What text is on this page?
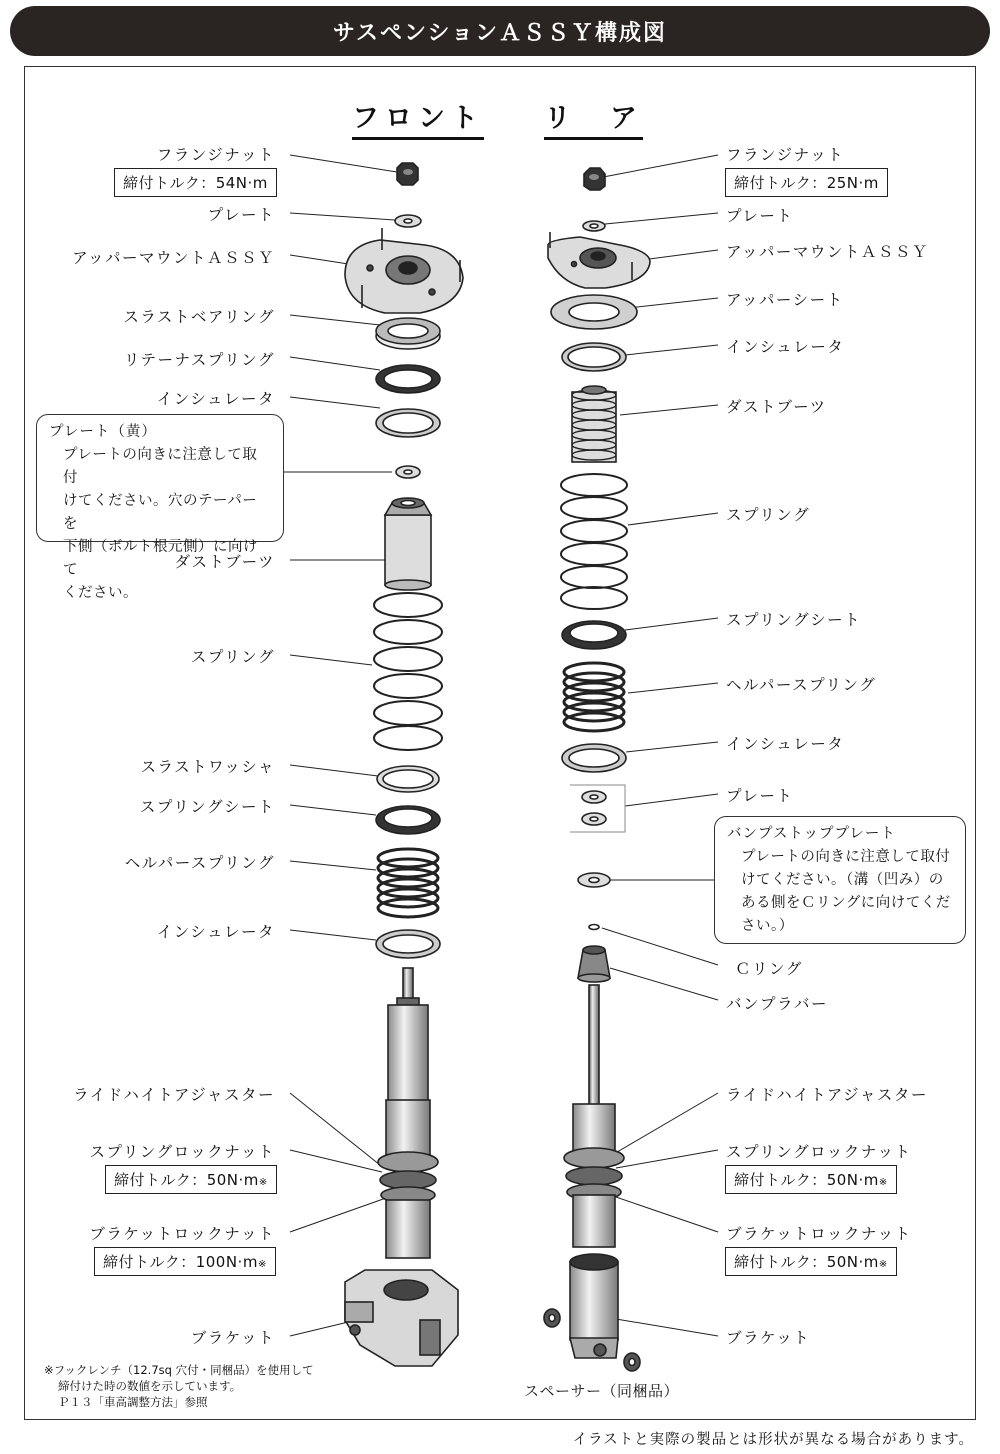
サスペンションＡＳＳＹ構成図
フロント リ　ア
フランジナット
締付トルク：54N·m
プレート
アッパーマウントＡＳＳＹ
スラストベアリング
リテーナスプリング
インシュレータ
プレート（黄）
プレートの向きに注意して取付
けてください。穴のテーパーを
下側（ボルト根元側）に向けて
ください。
ダストブーツ
スプリング
スラストワッシャ
スプリングシート
ヘルパースプリング
インシュレータ
ライドハイトアジャスター
スプリングロックナット
締付トルク：50N·m※
ブラケットロックナット
締付トルク：100N·m※
ブラケット
※フックレンチ（12.7sq 穴付・同梱品）を使用して
締付けた時の数値を示しています。
Ｐ１３「車高調整方法」参照
フランジナット
締付トルク：25N·m
プレート
アッパーマウントＡＳＳＹ
アッパーシート
インシュレータ
ダストブーツ
スプリング
スプリングシート
ヘルパースプリング
インシュレータ
プレート
バンプストッププレート
プレートの向きに注意して取付
けてください。（溝（凹み）の
ある側をＣリングに向けてくだ
さい。）
Ｃリング
バンプラバー
ライドハイトアジャスター
スプリングロックナット
締付トルク：50N·m※
ブラケットロックナット
締付トルク：50N·m※
ブラケット
スペーサー（同梱品）
イラストと実際の製品とは形状が異なる場合があります。
